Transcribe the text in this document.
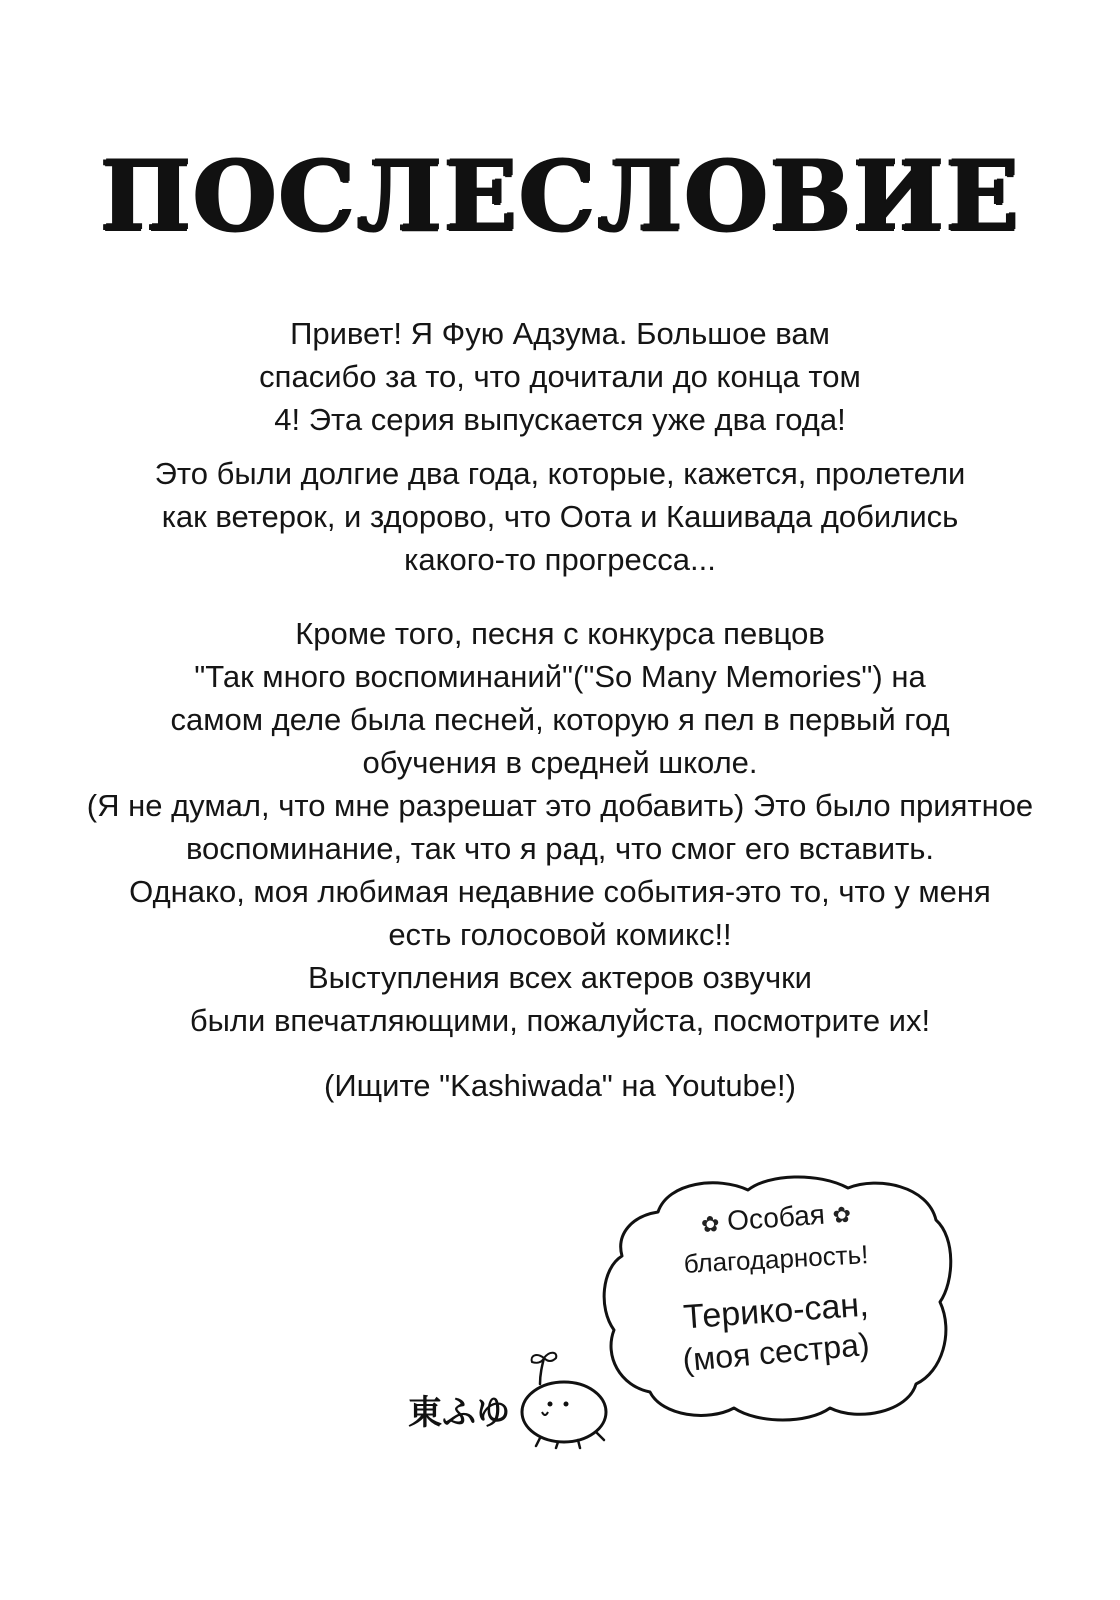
ПОСЛЕСЛОВИЕ
Привет! Я Фую Адзума. Большое вам
спасибо за то, что дочитали до конца том
4! Эта серия выпускается уже два года!
Это были долгие два года, которые, кажется, пролетели
как ветерок, и здорово, что Оота и Кашивада добились
какого-то прогресса...
Кроме того, песня с конкурса певцов
"Так много воспоминаний"("So Many Memories") на
самом деле была песней, которую я пел в первый год
обучения в средней школе.
(Я не думал, что мне разрешат это добавить) Это было приятное
воспоминание, так что я рад, что смог его вставить.
Однако, моя любимая недавние события-это то, что у меня
есть голосовой комикс!!
Выступления всех актеров озвучки
были впечатляющими, пожалуйста, посмотрите их!
(Ищите "Kashiwada" на Youtube!)
✿ Особая ✿
благодарность!
Терико-сан,
(моя сестра)
東ふゆ
